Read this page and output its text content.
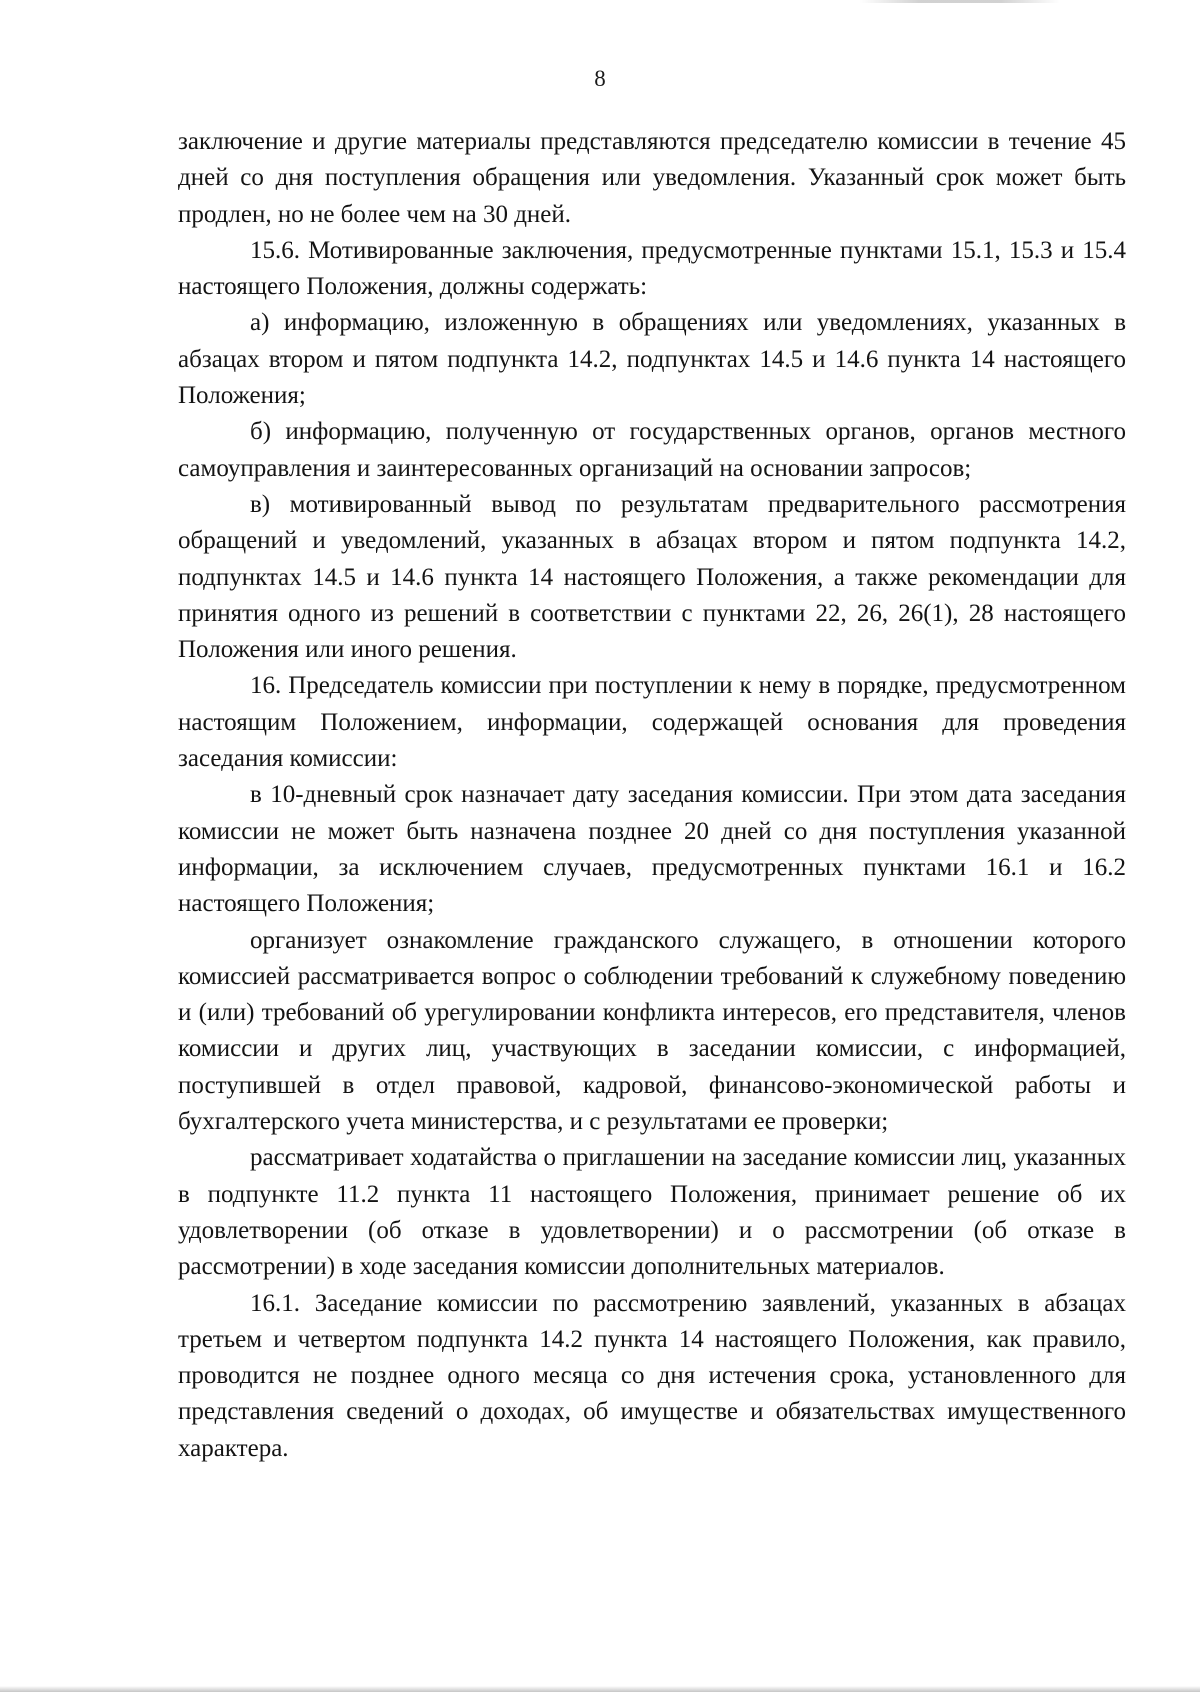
8

заключение и другие материалы представляются председателю комиссии в течение 45 дней со дня поступления обращения или уведомления. Указанный срок может быть продлен, но не более чем на 30 дней.

15.6. Мотивированные заключения, предусмотренные пунктами 15.1, 15.3 и 15.4 настоящего Положения, должны содержать:

а) информацию, изложенную в обращениях или уведомлениях, указанных в абзацах втором и пятом подпункта 14.2, подпунктах 14.5 и 14.6 пункта 14 настоящего Положения;

б) информацию, полученную от государственных органов, органов местного самоуправления и заинтересованных организаций на основании запросов;

в) мотивированный вывод по результатам предварительного рассмотрения обращений и уведомлений, указанных в абзацах втором и пятом подпункта 14.2, подпунктах 14.5 и 14.6 пункта 14 настоящего Положения, а также рекомендации для принятия одного из решений в соответствии с пунктами 22, 26, 26(1), 28 настоящего Положения или иного решения.

16. Председатель комиссии при поступлении к нему в порядке, предусмотренном настоящим Положением, информации, содержащей основания для проведения заседания комиссии:

в 10-дневный срок назначает дату заседания комиссии. При этом дата заседания комиссии не может быть назначена позднее 20 дней со дня поступления указанной информации, за исключением случаев, предусмотренных пунктами 16.1 и 16.2 настоящего Положения;

организует ознакомление гражданского служащего, в отношении которого комиссией рассматривается вопрос о соблюдении требований к служебному поведению и (или) требований об урегулировании конфликта интересов, его представителя, членов комиссии и других лиц, участвующих в заседании комиссии, с информацией, поступившей в отдел правовой, кадровой, финансово-экономической работы и бухгалтерского учета министерства, и с результатами ее проверки;

рассматривает ходатайства о приглашении на заседание комиссии лиц, указанных в подпункте 11.2 пункта 11 настоящего Положения, принимает решение об их удовлетворении (об отказе в удовлетворении) и о рассмотрении (об отказе в рассмотрении) в ходе заседания комиссии дополнительных материалов.

16.1. Заседание комиссии по рассмотрению заявлений, указанных в абзацах третьем и четвертом подпункта 14.2 пункта 14 настоящего Положения, как правило, проводится не позднее одного месяца со дня истечения срока, установленного для представления сведений о доходах, об имуществе и обязательствах имущественного характера.
